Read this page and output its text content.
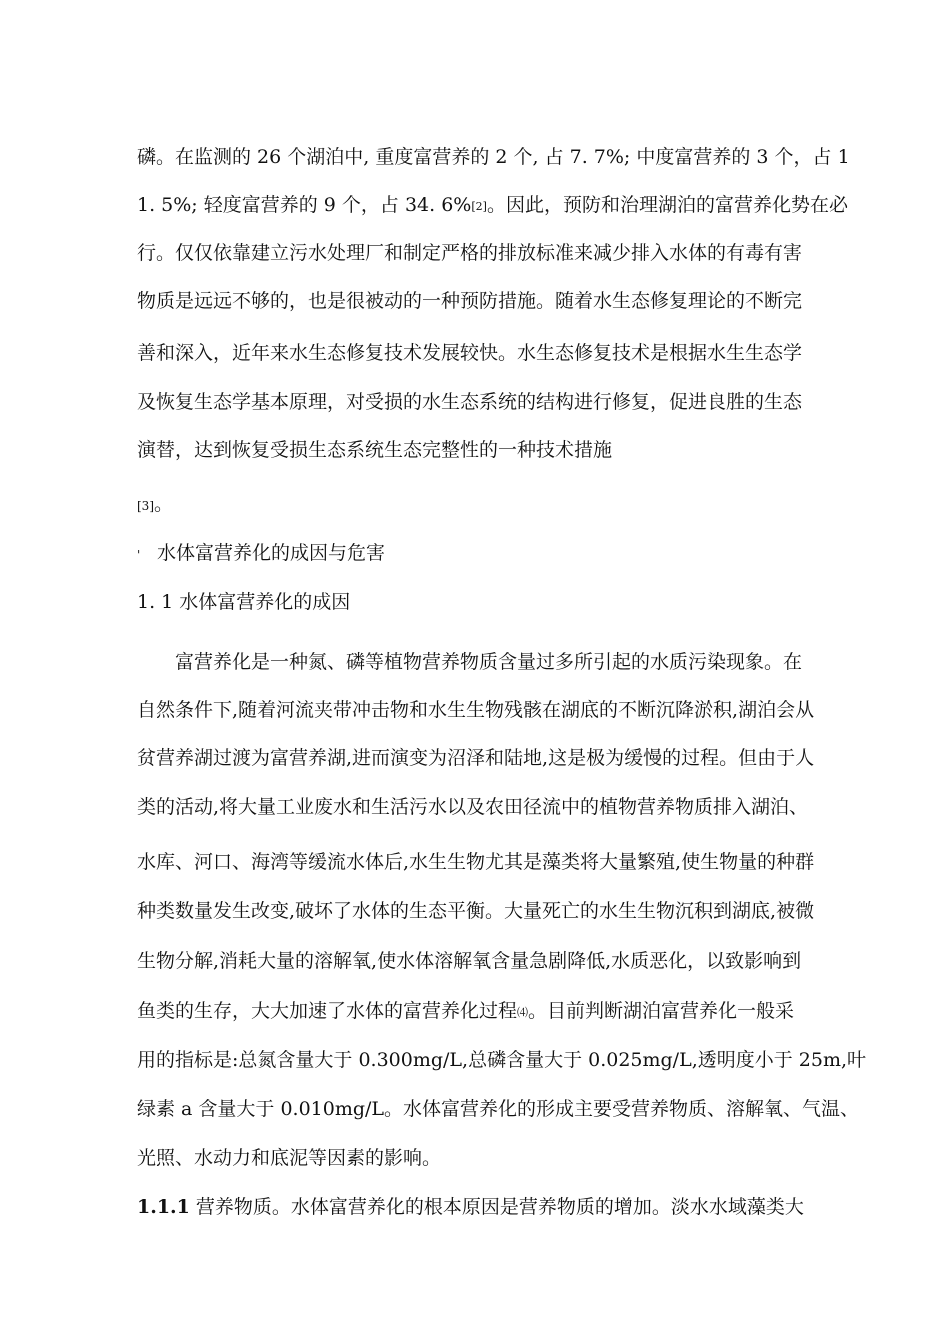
磷。在监测的 26 个湖泊中, 重度富营养的 2 个, 占 7. 7%; 中度富营养的 3 个，占 1
1. 5%; 轻度富营养的 9 个，占 34. 6%[2]。因此，预防和治理湖泊的富营养化势在必
行。仅仅依靠建立污水处理厂和制定严格的排放标准来减少排入水体的有毒有害
物质是远远不够的，也是很被动的一种预防措施。随着水生态修复理论的不断完
善和深入，近年来水生态修复技术发展较快。水生态修复技术是根据水生生态学
及恢复生态学基本原理，对受损的水生态系统的结构进行修复，促进良胜的生态
演替，达到恢复受损生态系统生态完整性的一种技术措施
[3]。
' 水体富营养化的成因与危害
1. 1 水体富营养化的成因
　　富营养化是一种氮、磷等植物营养物质含量过多所引起的水质污染现象。在
自然条件下,随着河流夹带冲击物和水生生物残骸在湖底的不断沉降淤积,湖泊会从
贫营养湖过渡为富营养湖,进而演变为沼泽和陆地,这是极为缓慢的过程。但由于人
类的活动,将大量工业废水和生活污水以及农田径流中的植物营养物质排入湖泊、
水库、河口、海湾等缓流水体后,水生生物尤其是藻类将大量繁殖,使生物量的种群
种类数量发生改变,破坏了水体的生态平衡。大量死亡的水生生物沉积到湖底,被微
生物分解,消耗大量的溶解氧,使水体溶解氧含量急剧降低,水质恶化，以致影响到
鱼类的生存，大大加速了水体的富营养化过程⑷。目前判断湖泊富营养化一般采
用的指标是:总氮含量大于 0.300mg/L,总磷含量大于 0.025mg/L,透明度小于 25m,叶
绿素 a 含量大于 0.010mg/L。水体富营养化的形成主要受营养物质、溶解氧、气温、
光照、水动力和底泥等因素的影响。
1.1.1 营养物质。水体富营养化的根本原因是营养物质的增加。淡水水域藻类大
